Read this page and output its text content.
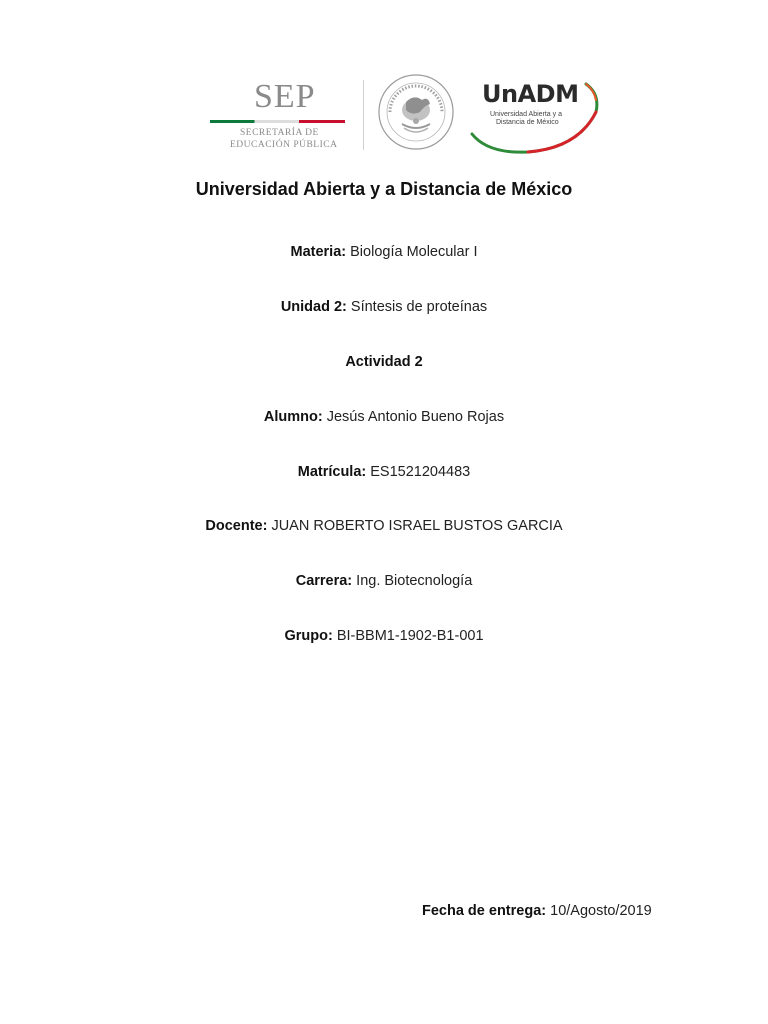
SEP
SECRETARÍA DE
EDUCACIÓN PÚBLICA
UnADM
Universidad Abierta y a
Distancia de México
Universidad Abierta y a Distancia de México
Materia: Biología Molecular I
Unidad 2: Síntesis de proteínas
Actividad 2
Alumno: Jesús Antonio Bueno Rojas
Matrícula: ES1521204483
Docente: JUAN ROBERTO ISRAEL BUSTOS GARCIA
Carrera: Ing. Biotecnología
Grupo: BI-BBM1-1902-B1-001
Fecha de entrega: 10/Agosto/2019
